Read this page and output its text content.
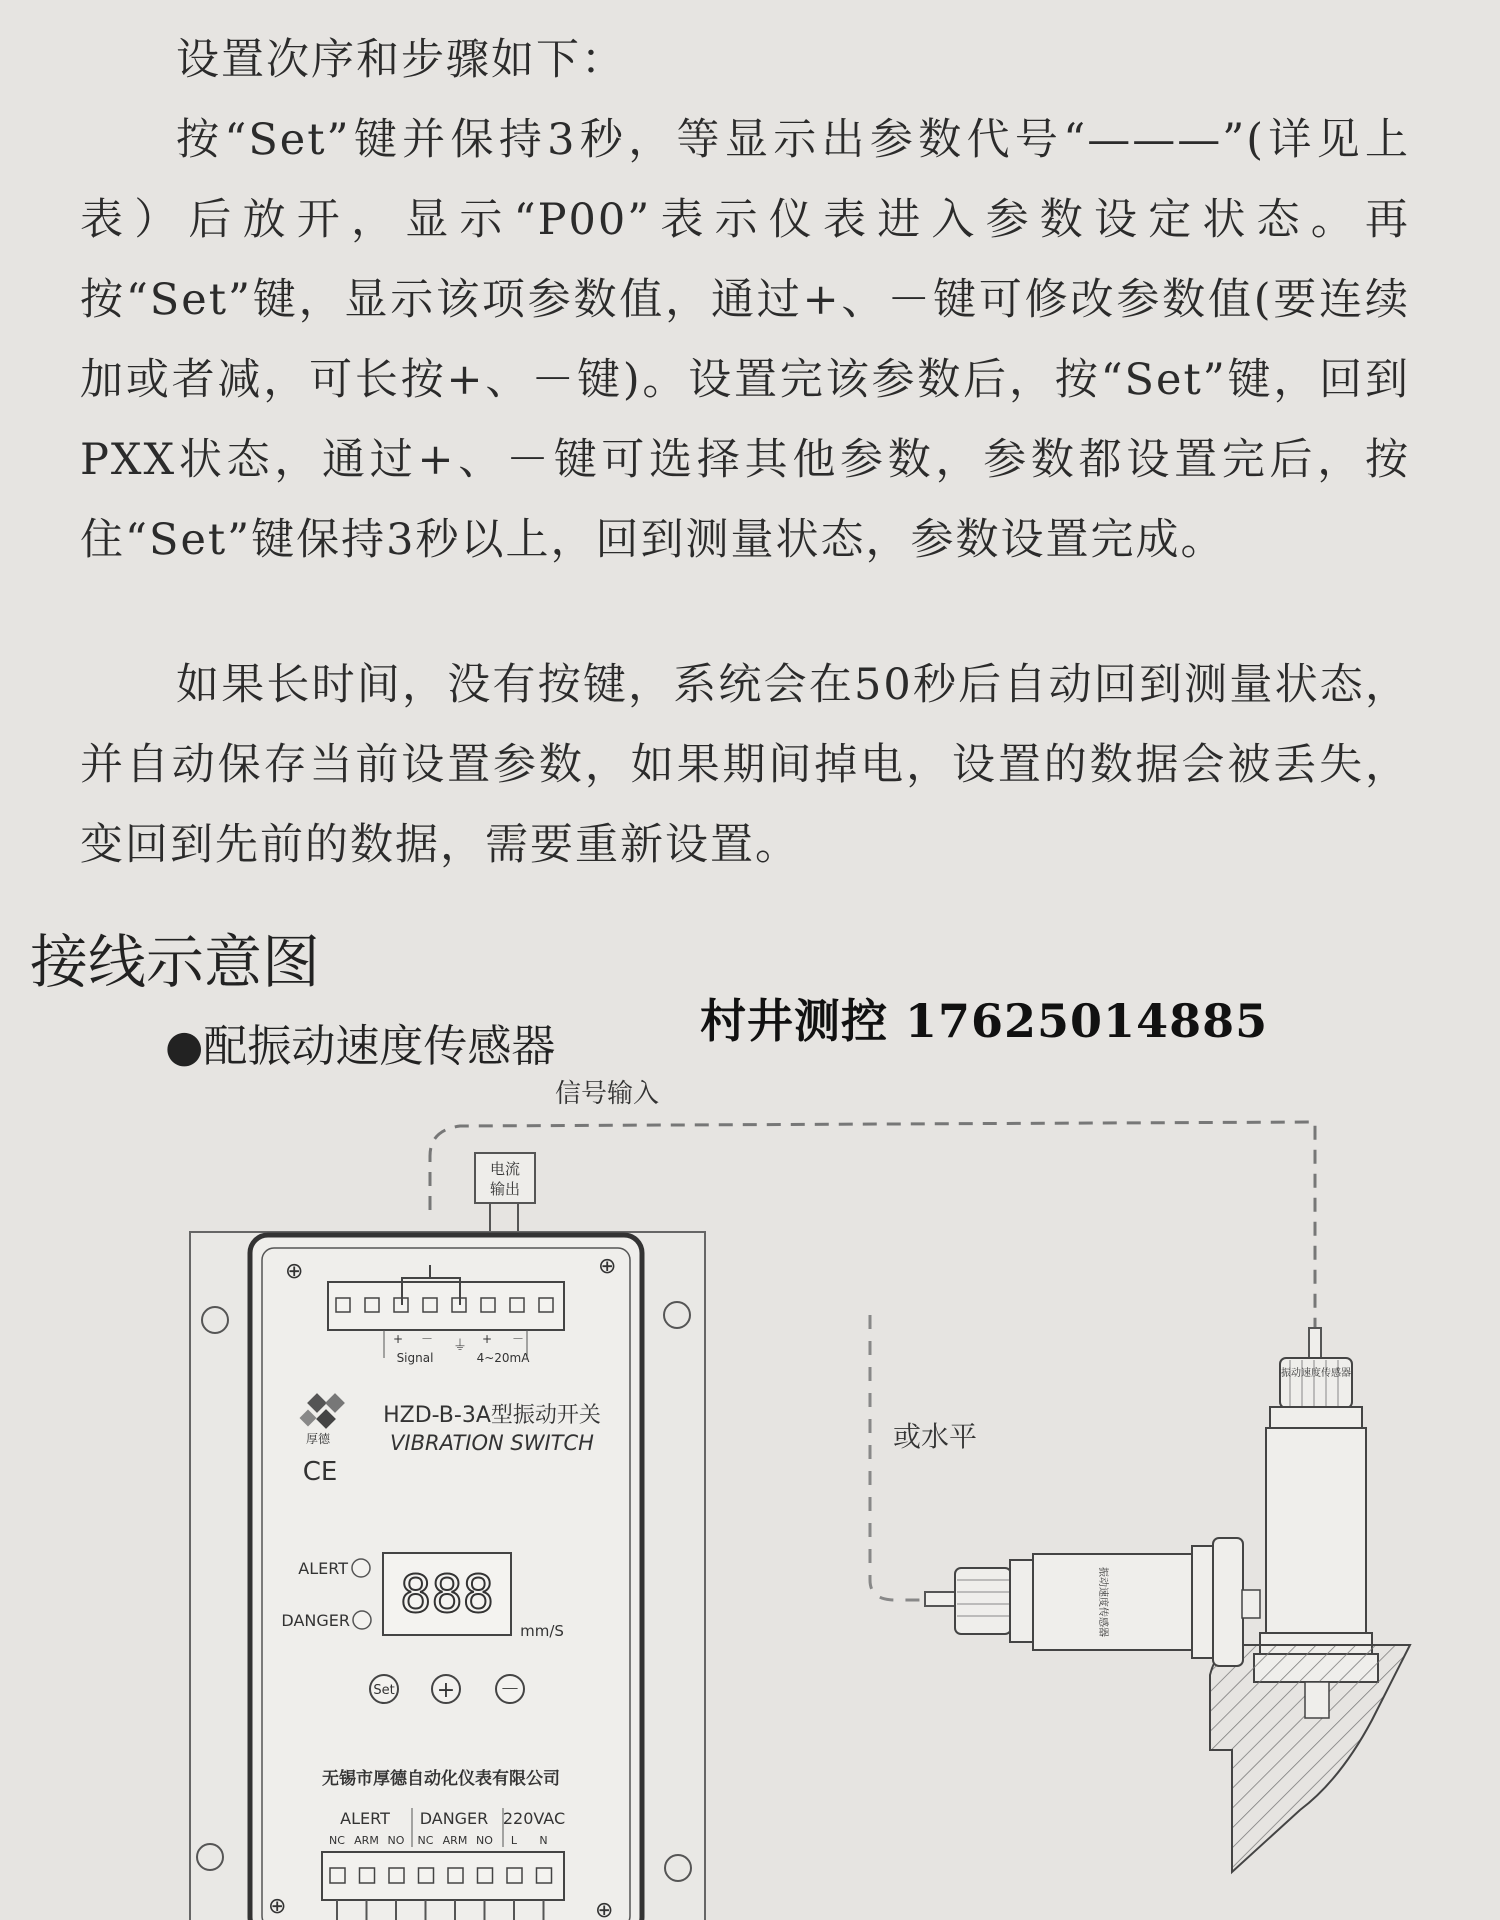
设置次序和步骤如下：

按“Set”键并保持3秒，等显示出参数代号“———”(详见上表）后放开，显示“P00”表示仪表进入参数设定状态。再按“Set”键，显示该项参数值，通过+、－键可修改参数值(要连续加或者减，可长按+、－键)。设置完该参数后，按“Set”键，回到PXX状态，通过+、－键可选择其他参数，参数都设置完后，按住“Set”键保持3秒以上，回到测量状态，参数设置完成。

如果长时间，没有按键，系统会在50秒后自动回到测量状态，并自动保存当前设置参数，如果期间掉电，设置的数据会被丢失，变回到先前的数据，需要重新设置。

接线示意图
村井测控 17625014885
●配振动速度传感器
信号输入
电流
输出
⊕	⊕
⊕	⊕
+ － ⏚ + －
Signal	4~20mA
厚德
CE
HZD-B-3A型振动开关
VIBRATION SWITCH
ALERT
DANGER 888
mm/S
Set + －
无锡市厚德自动化仪表有限公司
ALERT DANGER 220VAC
NC ARM NO NC ARM NO L N
或水平
振动速度传感器
振动速度传感器
